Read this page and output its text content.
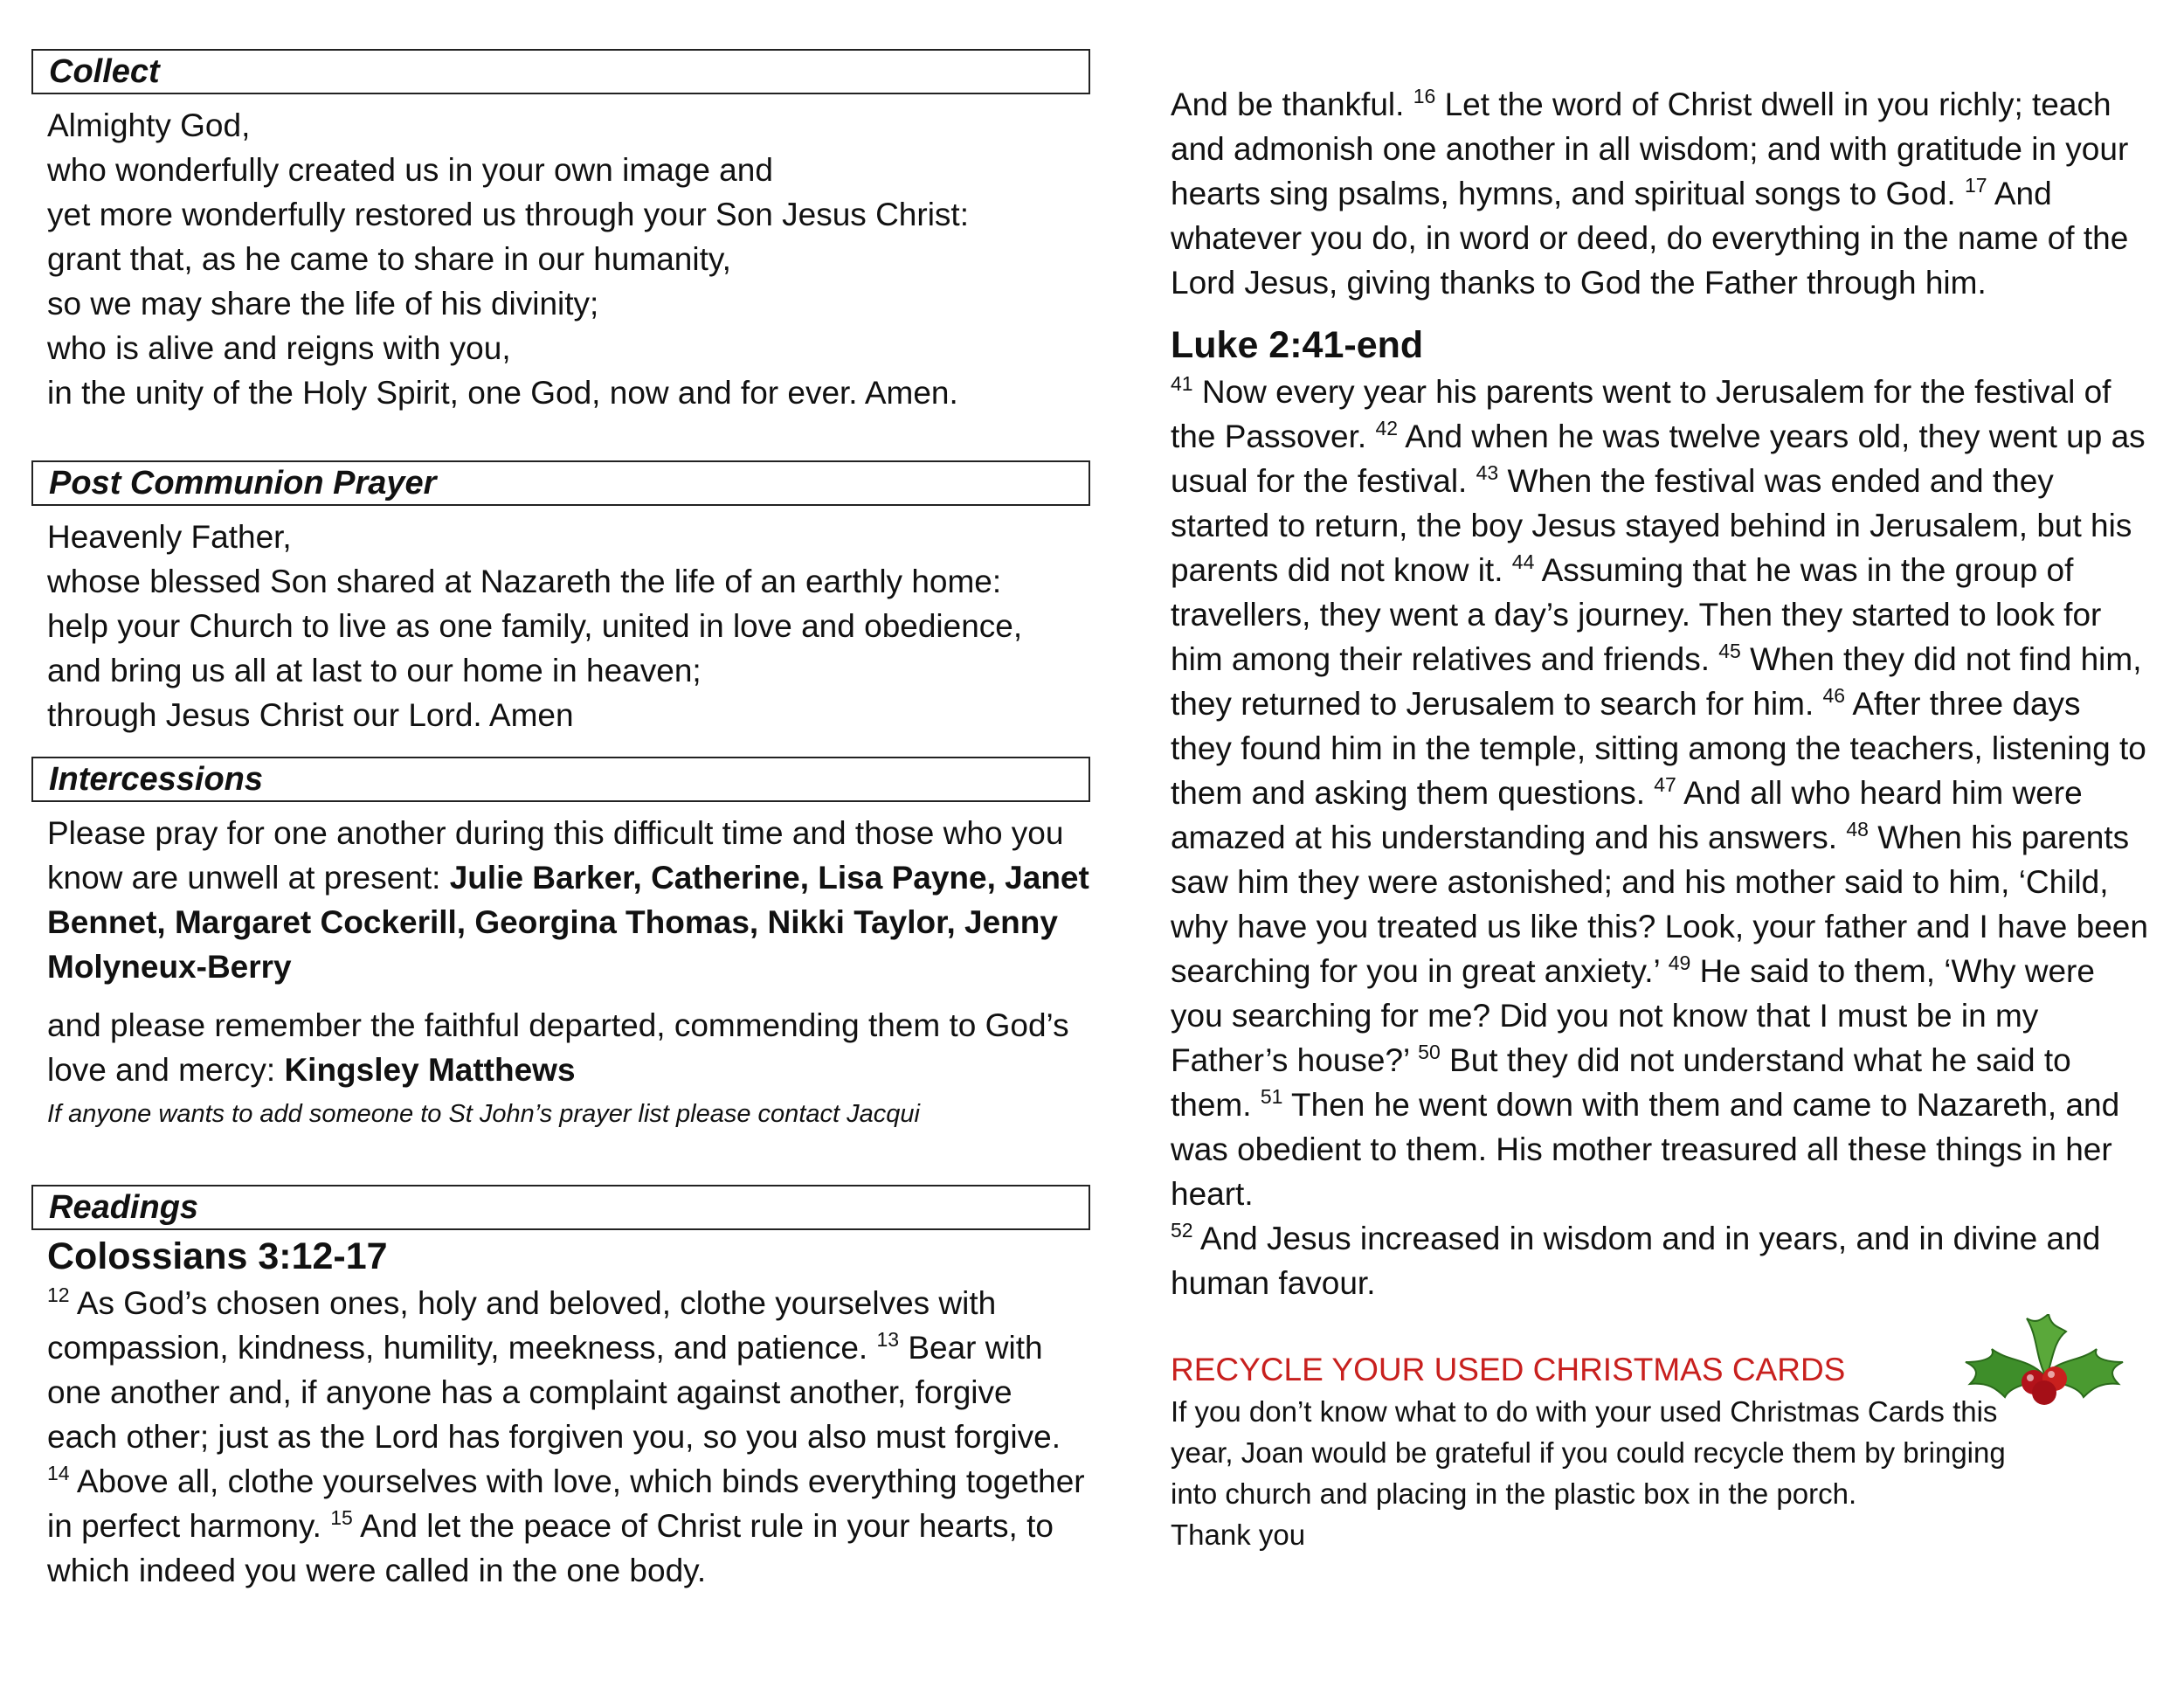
Collect

Almighty God,

who wonderfully created us in your own image and

yet more wonderfully restored us through your Son Jesus Christ:

grant that, as he came to share in our humanity,

so we may share the life of his divinity;

who is alive and reigns with you,

in the unity of the Holy Spirit, one God, now and for ever. Amen.

Post Communion Prayer

Heavenly Father,

whose blessed Son shared at Nazareth the life of an earthly home:

help your Church to live as one family, united in love and obedience,

and bring us all at last to our home in heaven;

through Jesus Christ our Lord. Amen

Intercessions

Please pray for one another during this difficult time and those who you know are unwell at present: Julie Barker, Catherine, Lisa Payne, Janet Bennet, Margaret Cockerill, Georgina Thomas, Nikki Taylor, Jenny Molyneux-Berry

and please remember the faithful departed, commending them to God’s love and mercy: Kingsley Matthews

If anyone wants to add someone to St John’s prayer list please contact Jacqui
Readings
Colossians 3:12-17

$^{12}$ As God’s chosen ones, holy and beloved, clothe yourselves with compassion, kindness, humility, meekness, and patience. $^{13}$ Bear with one another and, if anyone has a complaint against another, forgive each other; just as the Lord has forgiven you, so you also must forgive. $^{14}$ Above all, clothe yourselves with love, which binds everything together in perfect harmony. $^{15}$ And let the peace of Christ rule in your hearts, to which indeed you were called in the one body.

And be thankful. $^{16}$ Let the word of Christ dwell in you richly; teach and admonish one another in all wisdom; and with gratitude in your hearts sing psalms, hymns, and spiritual songs to God. $^{17}$ And whatever you do, in word or deed, do everything in the name of the Lord Jesus, giving thanks to God the Father through him.

Luke 2:41-end

$^{41}$ Now every year his parents went to Jerusalem for the festival of the Passover. $^{42}$ And when he was twelve years old, they went up as usual for the festival. $^{43}$ When the festival was ended and they started to return, the boy Jesus stayed behind in Jerusalem, but his parents did not know it. $^{44}$ Assuming that he was in the group of travellers, they went a day’s journey. Then they started to look for him among their relatives and friends. $^{45}$ When they did not find him, they returned to Jerusalem to search for him. $^{46}$ After three days they found him in the temple, sitting among the teachers, listening to them and asking them questions. $^{47}$ And all who heard him were amazed at his understanding and his answers. $^{48}$ When his parents saw him they were astonished; and his mother said to him, ‘Child, why have you treated us like this? Look, your father and I have been searching for you in great anxiety.’ $^{49}$ He said to them, ‘Why were you searching for me? Did you not know that I must be in my Father’s house?’ $^{50}$ But they did not understand what he said to them. $^{51}$ Then he went down with them and came to Nazareth, and was obedient to them. His mother treasured all these things in her heart.

$^{52}$ And Jesus increased in wisdom and in years, and in divine and human favour.

RECYCLE YOUR USED CHRISTMAS CARDS
If you don’t know what to do with your used Christmas Cards this year, Joan would be grateful if you could recycle them by bringing into church and placing in the plastic box in the porch.
Thank you
